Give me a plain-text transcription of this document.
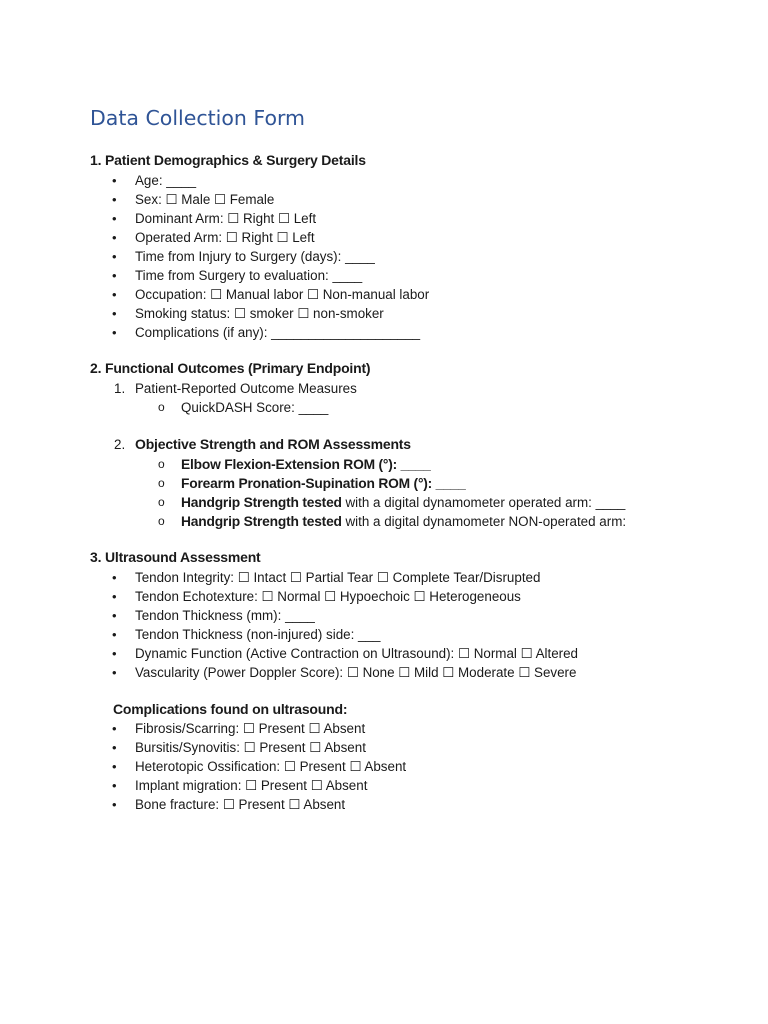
Data Collection Form
1. Patient Demographics & Surgery Details
• Age: ____
• Sex: ☐ Male ☐ Female
• Dominant Arm: ☐ Right ☐ Left
• Operated Arm: ☐ Right ☐ Left
• Time from Injury to Surgery (days): ____
• Time from Surgery to evaluation: ____
• Occupation: ☐ Manual labor ☐ Non-manual labor
• Smoking status: ☐ smoker ☐ non-smoker
• Complications (if any): ____________________
2. Functional Outcomes (Primary Endpoint)
1. Patient-Reported Outcome Measures
o QuickDASH Score: ____
2. Objective Strength and ROM Assessments
o Elbow Flexion-Extension ROM (°): ____
o Forearm Pronation-Supination ROM (°): ____
o Handgrip Strength tested with a digital dynamometer operated arm: ____
o Handgrip Strength tested with a digital dynamometer NON-operated arm:
3. Ultrasound Assessment
• Tendon Integrity: ☐ Intact ☐ Partial Tear ☐ Complete Tear/Disrupted
• Tendon Echotexture: ☐ Normal ☐ Hypoechoic ☐ Heterogeneous
• Tendon Thickness (mm): ____
• Tendon Thickness (non-injured) side: ___
• Dynamic Function (Active Contraction on Ultrasound): ☐ Normal ☐ Altered
• Vascularity (Power Doppler Score): ☐ None ☐ Mild ☐ Moderate ☐ Severe
Complications found on ultrasound:
• Fibrosis/Scarring: ☐ Present ☐ Absent
• Bursitis/Synovitis: ☐ Present ☐ Absent
• Heterotopic Ossification: ☐ Present ☐ Absent
• Implant migration: ☐ Present ☐ Absent
• Bone fracture: ☐ Present ☐ Absent
